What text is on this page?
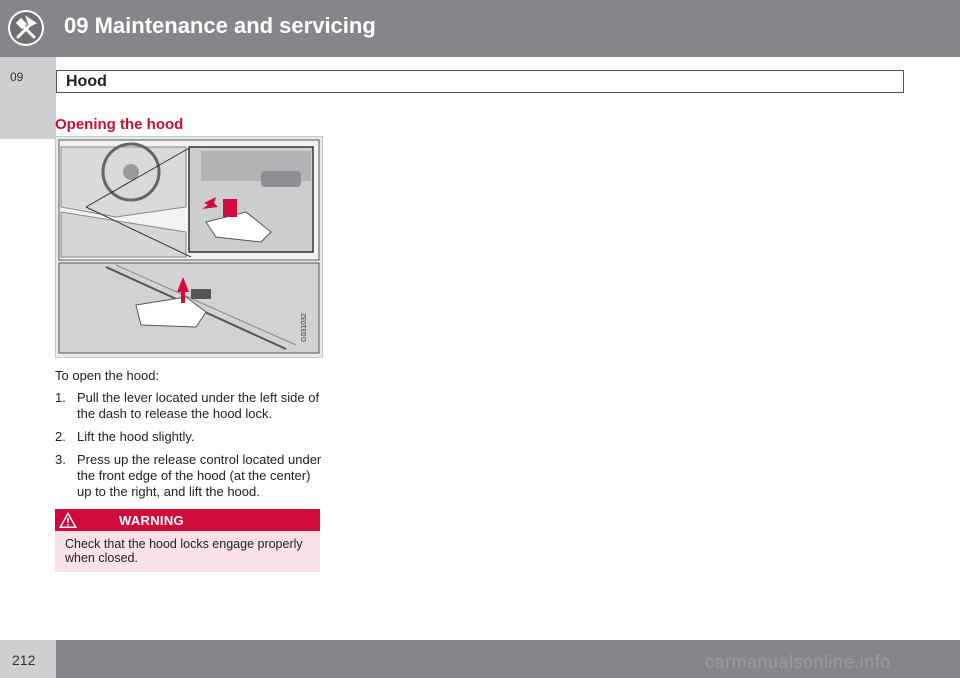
09 Maintenance and servicing
09	Hood
Opening the hood
G031032
To open the hood:
1. Pull the lever located under the left side of the dash to release the hood lock.
2. Lift the hood slightly.
3. Press up the release control located under the front edge of the hood (at the center) up to the right, and lift the hood.
WARNING
Check that the hood locks engage properly when closed.
212	carmanualsonline.info
